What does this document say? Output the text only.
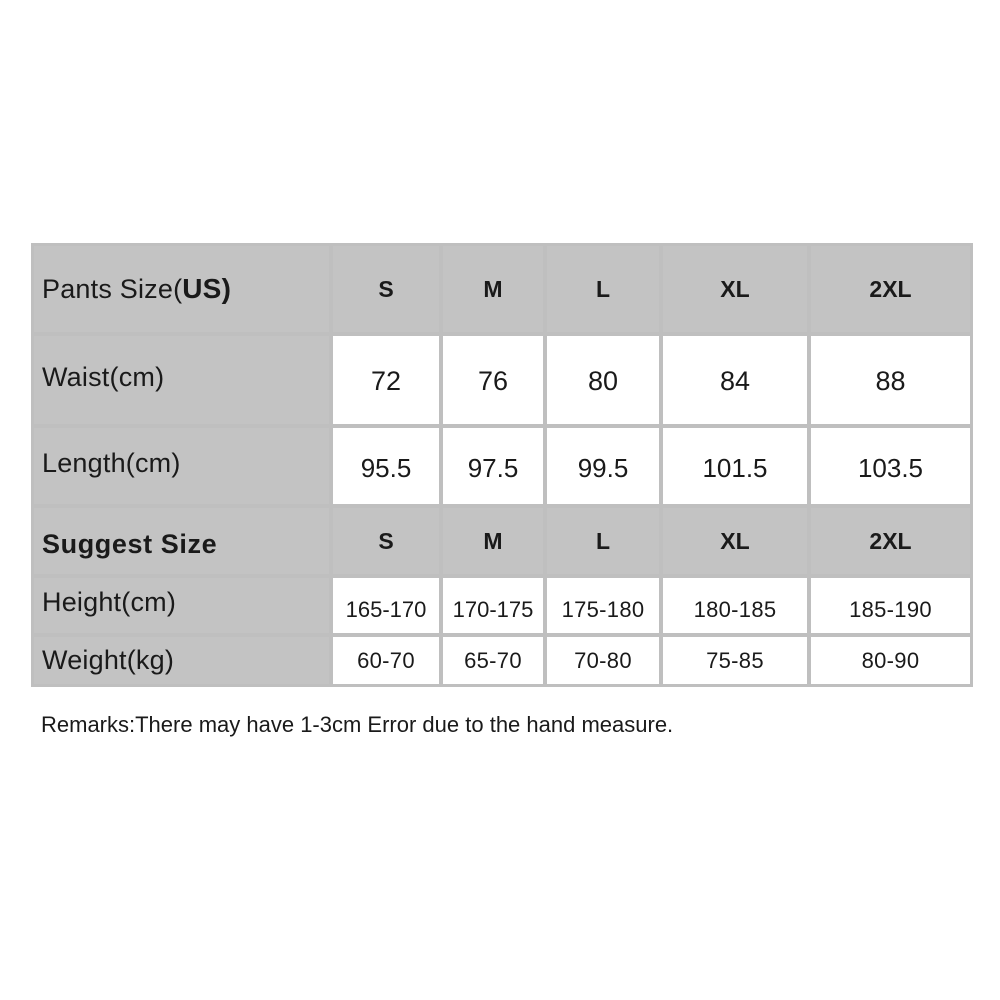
Pants Size( US )	S	M	L	XL	2XL
Waist(cm)	72	76	80	84	88
Length(cm)	95.5	97.5	99.5	101.5	103.5
Suggest Size	S	M	L	XL	2XL
Height(cm)	165-170	170-175	175-180	180-185	185-190
Weight(kg)	60-70	65-70	70-80	75-85	80-90
Remarks:There may have 1-3cm Error due to the hand measure.
